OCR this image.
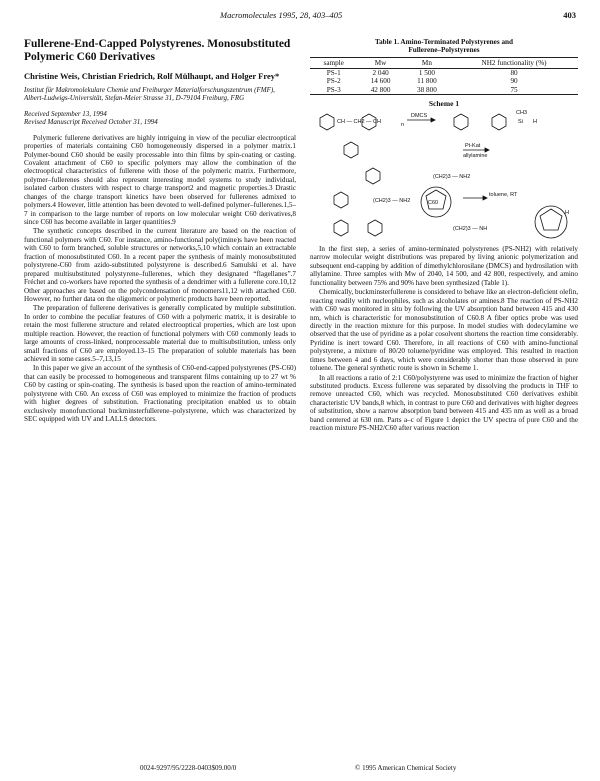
Macromolecules 1995, 28, 403–405	403
Fullerene-End-Capped Polystyrenes. Monosubstituted Polymeric C60 Derivatives
Christine Weis, Christian Friedrich, Rolf Mülhaupt, and Holger Frey*
Institut für Makromolekulare Chemie und Freiburger Materialforschungszentrum (FMF), Albert-Ludwigs-Universität, Stefan-Meier Strasse 31, D-79104 Freiburg, FRG
Received September 13, 1994
Revised Manuscript Received October 31, 1994

Polymeric fullerene derivatives are highly intriguing in view of the peculiar electrooptical properties of materials containing C60 homogeneously dispersed in a polymer matrix.1 Polymer-bound C60 should be easily processable into thin films by spin-coating or casting. Covalent attachment of C60 to specific polymers may allow the combination of the electrooptical characteristics of fullerene with those of the polymeric matrix. Furthermore, polymer–fullerenes should also represent interesting model systems to study individual, isolated carbon clusters with respect to charge transport2 and magnetic properties.3 Drastic changes of the charge transport kinetics have been observed for fullerenes admixed to polymers.4 However, little attention has been devoted to well-defined polymer–fullerenes.1,5–7 in comparison to the large number of reports on low molecular weight C60 derivatives,8 since C60 has become available in larger quantities.9

The synthetic concepts described in the current literature are based on the reaction of functional polymers with C60. For instance, amino-functional poly(imine)s have been reacted with C60 to form branched, soluble structures or networks,5,10 which contain an extractable fraction of monosubstituted C60. In a recent paper the synthesis of mainly monosubstituted polystyrene-C60 from azido-substituted polystyrene is described.6 Samulski et al. have prepared multisubstituted polystyrene–fullerenes, which they designated “flagellanes”.7 Fréchet and co-workers have reported the synthesis of a dendrimer with a fullerene core.10,12 Other approaches are based on the polycondensation of monomers11,12 with attached C60. However, no further data on the oligomeric or polymeric products have been reported.

The preparation of fullerene derivatives is generally complicated by multiple substitution. In order to combine the peculiar features of C60 with a polymeric matrix, it is desirable to retain the most fullerene structure and related electrooptical properties, which are lost upon multiple reaction. However, the reaction of functional polymers with C60 commonly leads to large amounts of cross-linked, nonprocessable material due to multisubstitution, unless only small fractions of C60 are employed.13–15 The preparation of soluble materials has been achieved in some cases.5–7,13,15

In this paper we give an account of the synthesis of C60-end-capped polystyrenes (PS-C60) that can easily be processed to homogeneous and transparent films containing up to 27 wt % C60 by casting or spin-coating. The synthesis is based upon the reaction of amino-terminated polystyrene with C60. An excess of C60 was employed to minimize the fraction of products with higher degrees of substitution. Fractionating precipitation enabled us to obtain exclusively monofunctional buckminsterfullerene–polystyrene, which was characterized by SEC equipped with UV and LALLS detectors.

Table 1. Amino-Terminated Polystyrenes and
Fullerene–Polystyrenes
sample	Mw	Mn	NH2 functionality (%)
PS-1	2 040	1 500	80
PS-2	14 600	11 800	90
PS-3	42 800	38 800	75
Scheme 1
CH — CH2 — CH	n
DMCS	CH3
Si H
Pt-Kat
allylamine
(CH2)3 — NH2
(CH2)3 — NH2	C60
toluene, RT
(CH2)3 — NH
H

In the first step, a series of amino-terminated polystyrenes (PS-NH2) with relatively narrow molecular weight distributions was prepared by living anionic polymerization and subsequent end-capping by addition of dimethylchlorosilane (DMCS) and hydrosilation with allylamine. Three samples with Mw of 2040, 14 500, and 42 800, respectively, and amino functionality between 75% and 90% have been synthesized (Table 1).

Chemically, buckminsterfullerene is considered to behave like an electron-deficient olefin, reacting readily with nucleophiles, such as alcoholates or amines.8 The reaction of PS-NH2 with C60 was monitored in situ by following the UV absorption band between 415 and 430 nm, which is characteristic for monosubstitution of C60.8 A fiber optics probe was used directly in the reaction mixture for this purpose. In model studies with dodecylamine we observed that the use of pyridine as a polar cosolvent shortens the reaction time considerably. Pyridine is inert toward C60. Therefore, in all reactions of C60 with amino-functional polystyrene, a mixture of 80/20 toluene/pyridine was employed. This resulted in reaction times between 4 and 6 days, which were considerably shorter than those observed in pure toluene. The general synthetic route is shown in Scheme 1.

In all reactions a ratio of 2:1 C60/polystyrene was used to minimize the fraction of higher substituted products. Excess fullerene was separated by dissolving the products in THF to remove unreacted C60, which was recycled. Monosubstituted C60 derivatives exhibit characteristic UV bands,8 which, in contrast to pure C60 and derivatives with higher degrees of substitution, show a narrow absorption band between 415 and 435 nm as well as a broad band centered at 630 nm. Parts a–c of Figure 1 depict the UV spectra of pure C60 and the reaction mixture PS-NH2/C60 after various reaction

0024-9297/95/2228-0403$09.00/0	© 1995 American Chemical Society
